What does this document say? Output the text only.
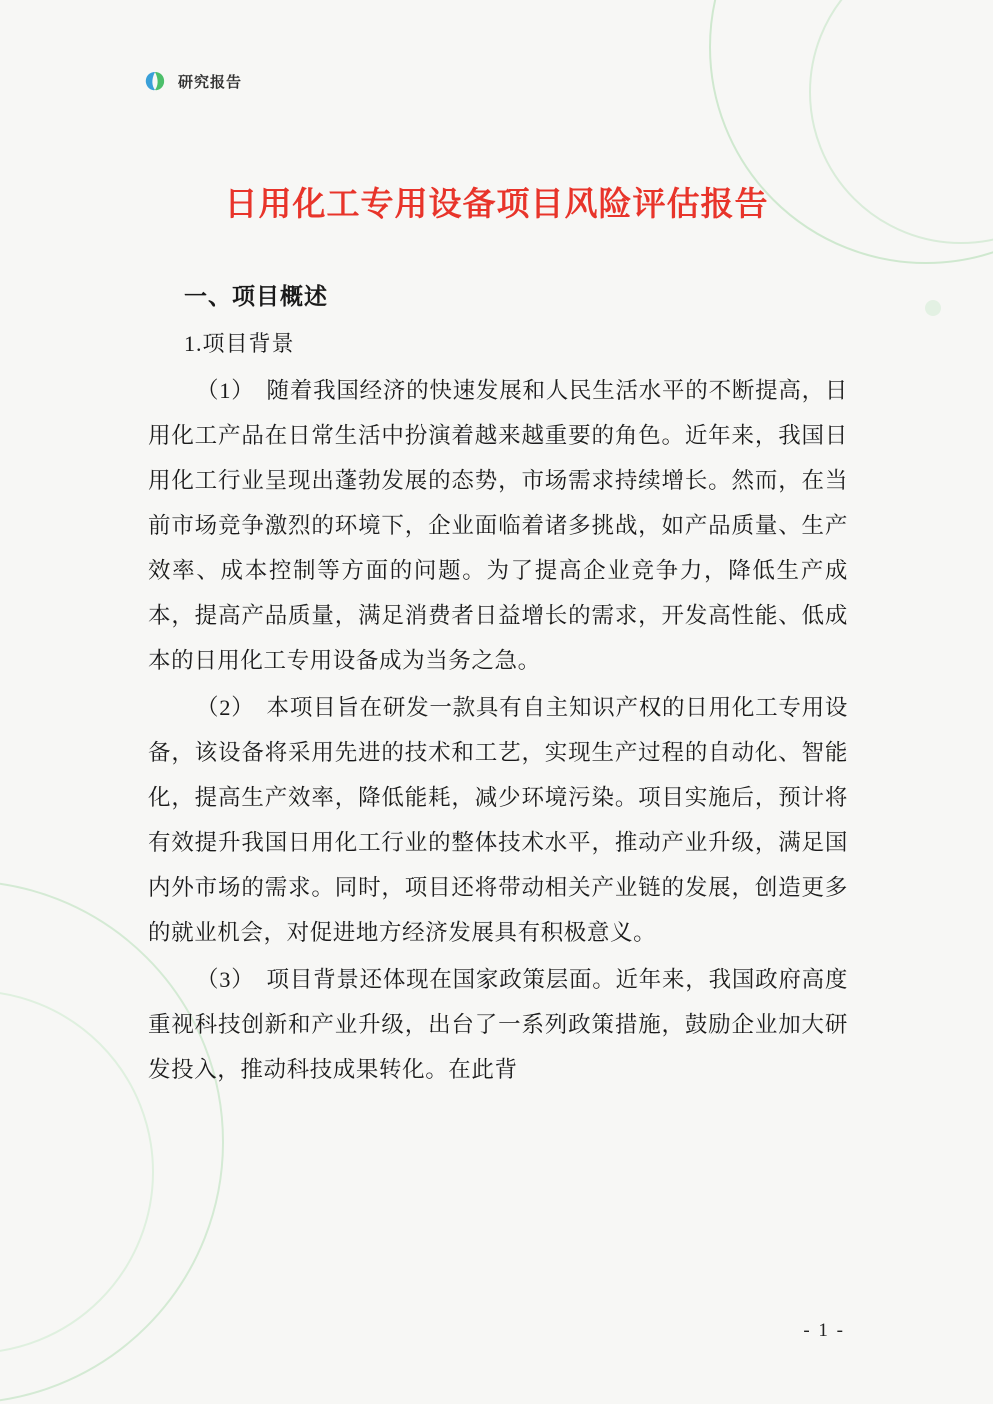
研究报告
日用化工专用设备项目风险评估报告
一、项目概述
1.项目背景

（1）　随着我国经济的快速发展和人民生活水平的不断提高，日用化工产品在日常生活中扮演着越来越重要的角色。近年来，我国日用化工行业呈现出蓬勃发展的态势，市场需求持续增长。然而，在当前市场竞争激烈的环境下，企业面临着诸多挑战，如产品质量、生产效率、成本控制等方面的问题。为了提高企业竞争力，降低生产成本，提高产品质量，满足消费者日益增长的需求，开发高性能、低成本的日用化工专用设备成为当务之急。

（2）　本项目旨在研发一款具有自主知识产权的日用化工专用设备，该设备将采用先进的技术和工艺，实现生产过程的自动化、智能化，提高生产效率，降低能耗，减少环境污染。项目实施后，预计将有效提升我国日用化工行业的整体技术水平，推动产业升级，满足国内外市场的需求。同时，项目还将带动相关产业链的发展，创造更多的就业机会，对促进地方经济发展具有积极意义。

（3）　项目背景还体现在国家政策层面。近年来，我国政府高度重视科技创新和产业升级，出台了一系列政策措施，鼓励企业加大研发投入，推动科技成果转化。在此背

- 1 -
